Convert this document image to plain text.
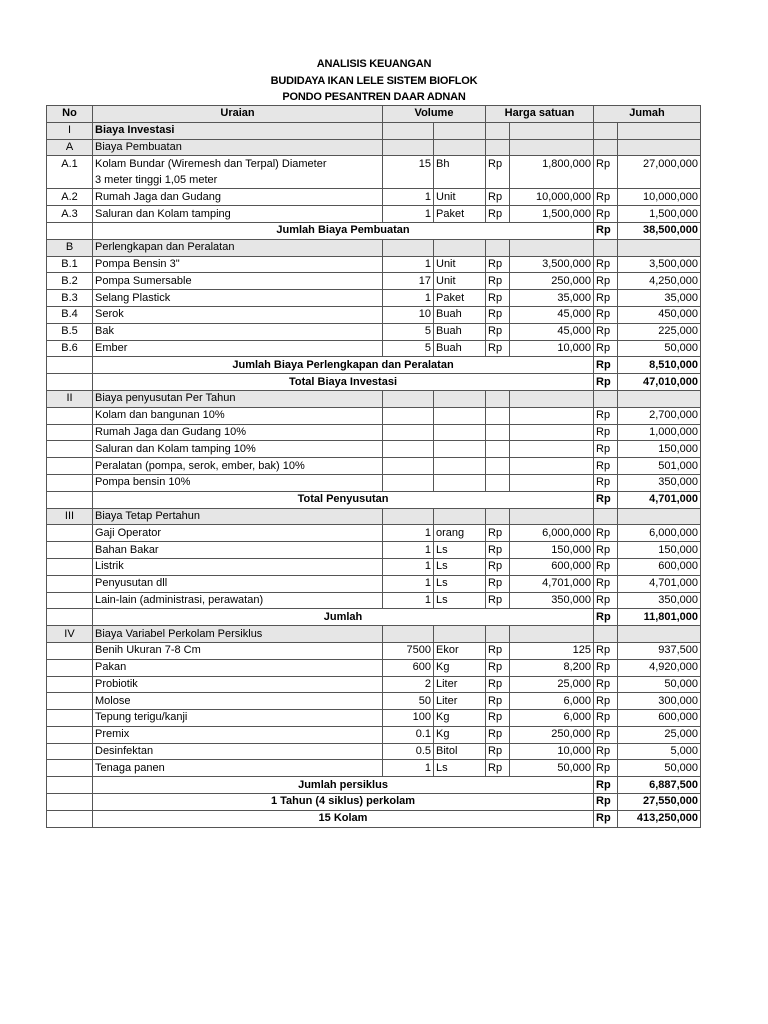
ANALISIS KEUANGAN
BUDIDAYA IKAN LELE SISTEM BIOFLOK
PONDO PESANTREN DAAR ADNAN
No	Uraian	Volume		Harga satuan		Jumah	
I	Biaya Investasi						
A	Biaya Pembuatan						
A.1	Kolam Bundar (Wiremesh dan Terpal) Diameter
3 meter tinggi 1,05 meter	15	Bh	Rp	1,800,000	Rp	27,000,000
A.2	Rumah Jaga dan Gudang	1	Unit	Rp	10,000,000	Rp	10,000,000
A.3	Saluran dan Kolam tamping	1	Paket	Rp	1,500,000	Rp	1,500,000
	Jumlah Biaya Pembuatan					Rp	38,500,000
B	Perlengkapan dan Peralatan						
B.1	Pompa Bensin 3"	1	Unit	Rp	3,500,000	Rp	3,500,000
B.2	Pompa Sumersable	17	Unit	Rp	250,000	Rp	4,250,000
B.3	Selang Plastick	1	Paket	Rp	35,000	Rp	35,000
B.4	Serok	10	Buah	Rp	45,000	Rp	450,000
B.5	Bak	5	Buah	Rp	45,000	Rp	225,000
B.6	Ember	5	Buah	Rp	10,000	Rp	50,000
	Jumlah Biaya Perlengkapan dan Peralatan					Rp	8,510,000
	Total Biaya Investasi					Rp	47,010,000
II	Biaya penyusutan Per Tahun						
	Kolam dan bangunan 10%					Rp	2,700,000
	Rumah Jaga dan Gudang 10%					Rp	1,000,000
	Saluran dan Kolam tamping 10%					Rp	150,000
	Peralatan (pompa, serok, ember, bak) 10%					Rp	501,000
	Pompa bensin 10%					Rp	350,000
	Total Penyusutan					Rp	4,701,000
III	Biaya Tetap Pertahun						
	Gaji Operator	1	orang	Rp	6,000,000	Rp	6,000,000
	Bahan Bakar	1	Ls	Rp	150,000	Rp	150,000
	Listrik	1	Ls	Rp	600,000	Rp	600,000
	Penyusutan dll	1	Ls	Rp	4,701,000	Rp	4,701,000
	Lain-lain (administrasi, perawatan)	1	Ls	Rp	350,000	Rp	350,000
	Jumlah					Rp	11,801,000
IV	Biaya Variabel Perkolam Persiklus						
	Benih Ukuran 7-8 Cm	7500	Ekor	Rp	125	Rp	937,500
	Pakan	600	Kg	Rp	8,200	Rp	4,920,000
	Probiotik	2	Liter	Rp	25,000	Rp	50,000
	Molose	50	Liter	Rp	6,000	Rp	300,000
	Tepung terigu/kanji	100	Kg	Rp	6,000	Rp	600,000
	Premix	0.1	Kg	Rp	250,000	Rp	25,000
	Desinfektan	0.5	Bitol	Rp	10,000	Rp	5,000
	Tenaga panen	1	Ls	Rp	50,000	Rp	50,000
	Jumlah persiklus					Rp	6,887,500
	1 Tahun (4 siklus) perkolam					Rp	27,550,000
	15 Kolam					Rp	413,250,000
